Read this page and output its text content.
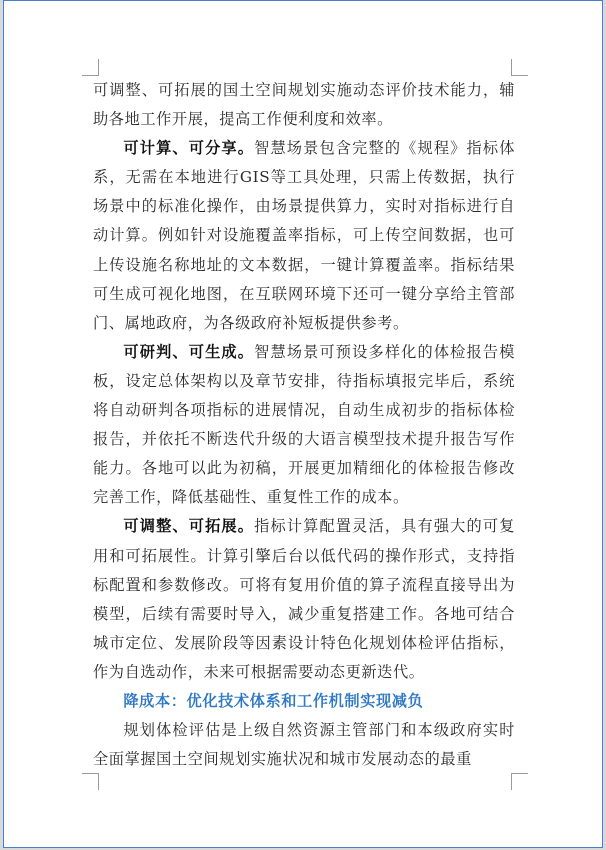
可调整、可拓展的国土空间规划实施动态评价技术能力，辅助各地工作开展，提高工作便利度和效率。

可计算、可分享。智慧场景包含完整的《规程》指标体系，无需在本地进行GIS等工具处理，只需上传数据，执行场景中的标准化操作，由场景提供算力，实时对指标进行自动计算。例如针对设施覆盖率指标，可上传空间数据，也可上传设施名称地址的文本数据，一键计算覆盖率。指标结果可生成可视化地图，在互联网环境下还可一键分享给主管部门、属地政府，为各级政府补短板提供参考。

可研判、可生成。智慧场景可预设多样化的体检报告模板，设定总体架构以及章节安排，待指标填报完毕后，系统将自动研判各项指标的进展情况，自动生成初步的指标体检报告，并依托不断迭代升级的大语言模型技术提升报告写作能力。各地可以此为初稿，开展更加精细化的体检报告修改完善工作，降低基础性、重复性工作的成本。

可调整、可拓展。指标计算配置灵活，具有强大的可复用和可拓展性。计算引擎后台以低代码的操作形式，支持指标配置和参数修改。可将有复用价值的算子流程直接导出为模型，后续有需要时导入，减少重复搭建工作。各地可结合城市定位、发展阶段等因素设计特色化规划体检评估指标，作为自选动作，未来可根据需要动态更新迭代。

降成本：优化技术体系和工作机制实现减负

规划体检评估是上级自然资源主管部门和本级政府实时全面掌握国土空间规划实施状况和城市发展动态的最重
